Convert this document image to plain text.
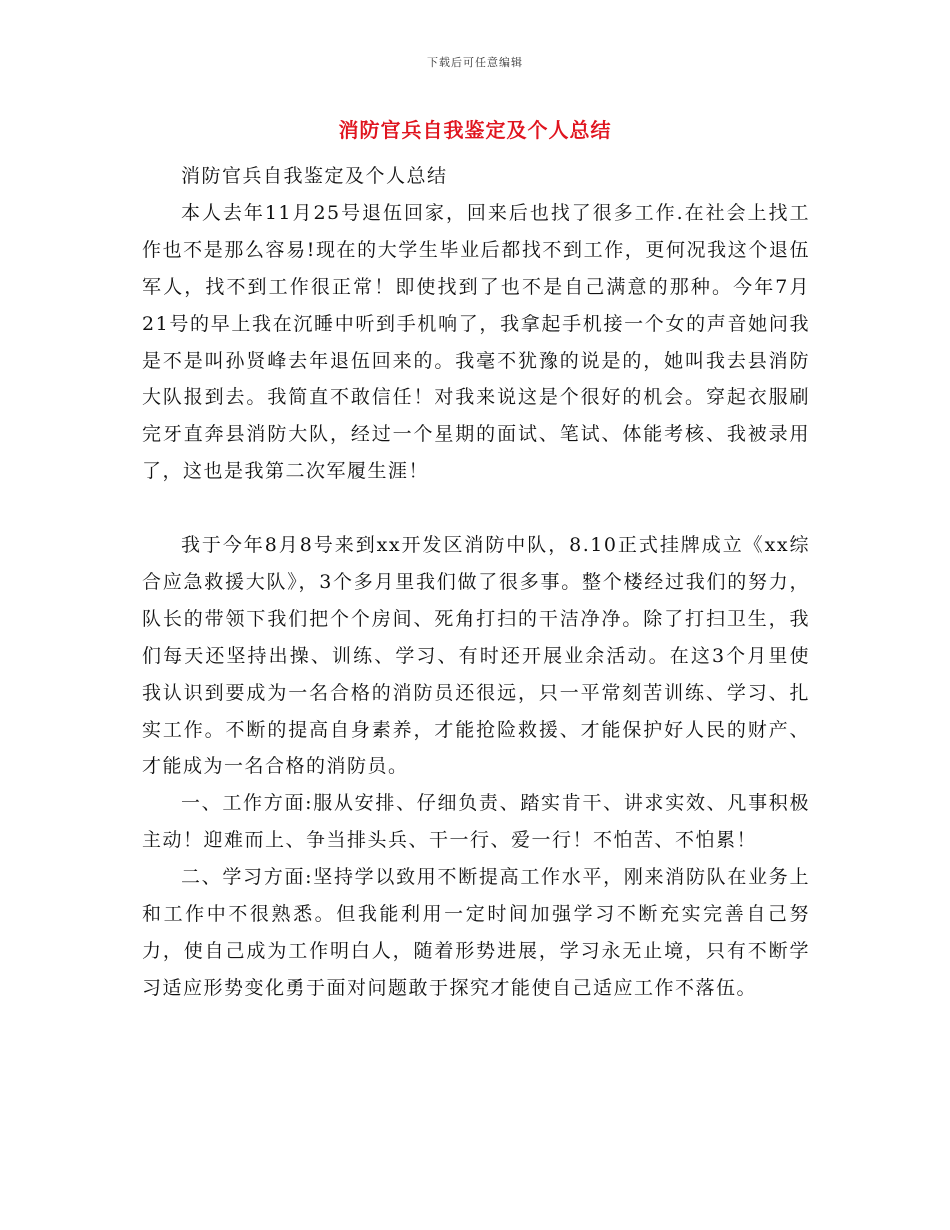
下载后可任意编辑
消防官兵自我鉴定及个人总结

消防官兵自我鉴定及个人总结

本人去年11月25号退伍回家，回来后也找了很多工作.在社会上找工作也不是那么容易!现在的大学生毕业后都找不到工作，更何况我这个退伍军人，找不到工作很正常！即使找到了也不是自己满意的那种。今年7月21号的早上我在沉睡中听到手机响了，我拿起手机接一个女的声音她问我是不是叫孙贤峰去年退伍回来的。我毫不犹豫的说是的，她叫我去县消防大队报到去。我简直不敢信任！对我来说这是个很好的机会。穿起衣服刷完牙直奔县消防大队，经过一个星期的面试、笔试、体能考核、我被录用了，这也是我第二次军履生涯！

我于今年8月8号来到xx开发区消防中队，8.10正式挂牌成立《xx综合应急救援大队》，3个多月里我们做了很多事。整个楼经过我们的努力，队长的带领下我们把个个房间、死角打扫的干洁净净。除了打扫卫生，我们每天还坚持出操、训练、学习、有时还开展业余活动。在这3个月里使我认识到要成为一名合格的消防员还很远，只一平常刻苦训练、学习、扎实工作。不断的提高自身素养，才能抢险救援、才能保护好人民的财产、才能成为一名合格的消防员。

一、工作方面:服从安排、仔细负责、踏实肯干、讲求实效、凡事积极主动！迎难而上、争当排头兵、干一行、爱一行！不怕苦、不怕累！

二、学习方面:坚持学以致用不断提高工作水平，刚来消防队在业务上和工作中不很熟悉。但我能利用一定时间加强学习不断充实完善自己努力，使自己成为工作明白人，随着形势进展，学习永无止境，只有不断学习适应形势变化勇于面对问题敢于探究才能使自己适应工作不落伍。
